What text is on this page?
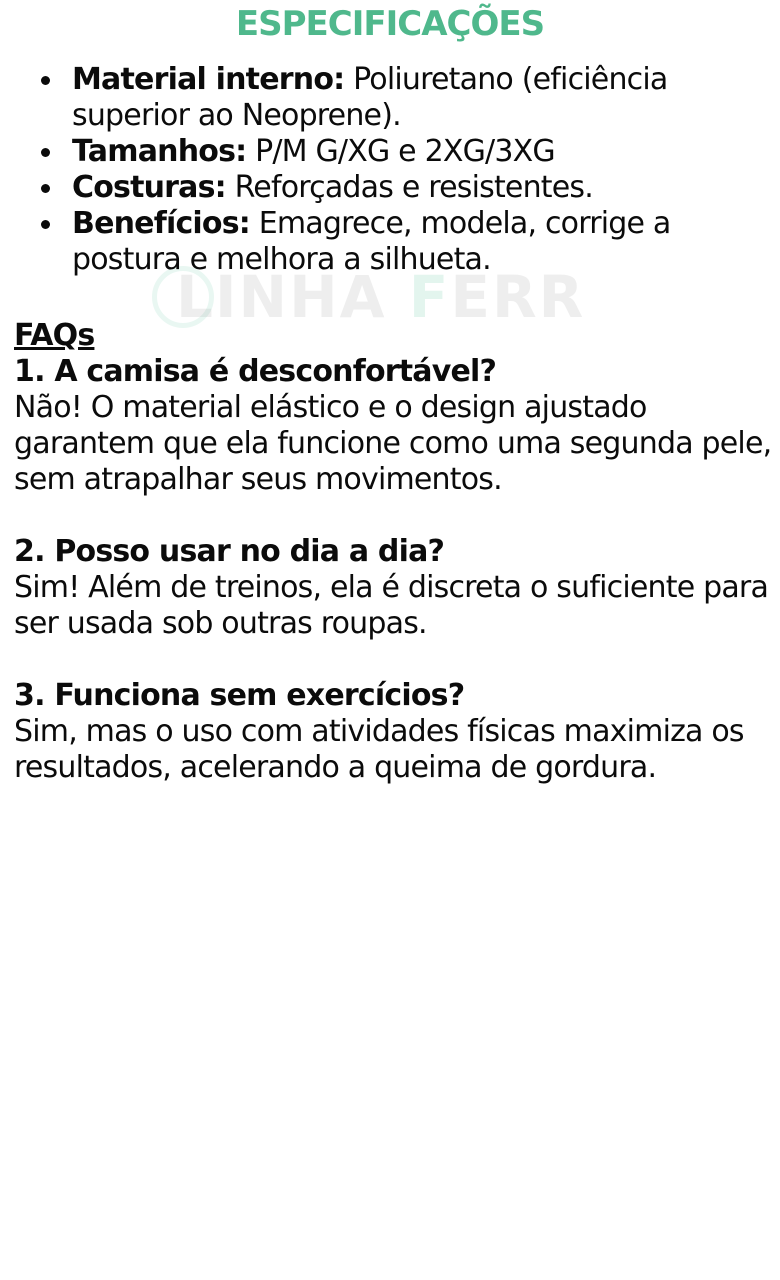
LINHA FERR
ESPECIFICAÇÕES
Material interno: Poliuretano (eficiência superior ao Neoprene).
Tamanhos: P/M G/XG e 2XG/3XG
Costuras: Reforçadas e resistentes.
Benefícios: Emagrece, modela, corrige a postura e melhora a silhueta.

FAQs

1. A camisa é desconfortável?

Não! O material elástico e o design ajustado garantem que ela funcione como uma segunda pele, sem atrapalhar seus movimentos.

2. Posso usar no dia a dia?

Sim! Além de treinos, ela é discreta o suficiente para ser usada sob outras roupas.

3. Funciona sem exercícios?

Sim, mas o uso com atividades físicas maximiza os resultados, acelerando a queima de gordura.
